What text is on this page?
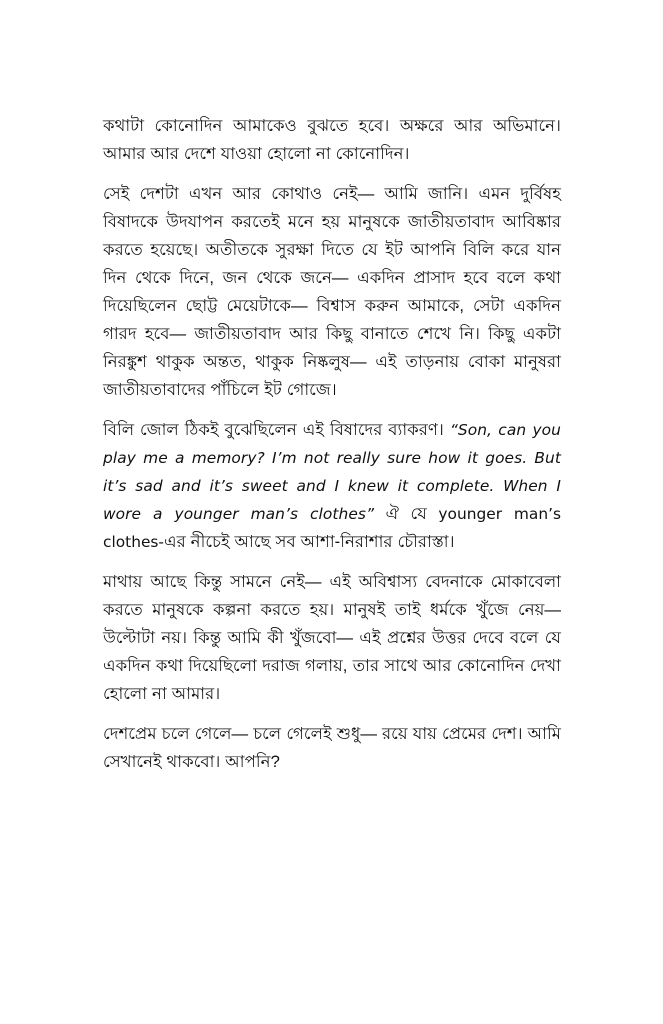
কথাটা কোনোদিন আমাকেও বুঝতে হবে। অক্ষরে আর অভিমানে। আমার আর দেশে যাওয়া হোলো না কোনোদিন।

সেই দেশটা এখন আর কোথাও নেই— আমি জানি। এমন দুর্বিষহ বিষাদকে উদযাপন করতেই মনে হয় মানুষকে জাতীয়তাবাদ আবিষ্কার করতে হয়েছে। অতীতকে সুরক্ষা দিতে যে ইট আপনি বিলি করে যান দিন থেকে দিনে, জন থেকে জনে— একদিন প্রাসাদ হবে বলে কথা দিয়েছিলেন ছোট্ট মেয়েটাকে— বিশ্বাস করুন আমাকে, সেটা একদিন গারদ হবে— জাতীয়তাবাদ আর কিছু বানাতে শেখে নি। কিছু একটা নিরঙ্কুশ থাকুক অন্তত, থাকুক নিষ্কলুষ— এই তাড়নায় বোকা মানুষরা জাতীয়তাবাদের পাঁচিলে ইট গোজে।

বিলি জোল ঠিকই বুঝেছিলেন এই বিষাদের ব্যাকরণ। “Son, can you play me a memory? I’m not really sure how it goes. But it’s sad and it’s sweet and I knew it complete. When I wore a younger man’s clothes” ঐ যে younger man’s clothes-এর নীচেই আছে সব আশা-নিরাশার চৌরাস্তা।

মাথায় আছে কিন্তু সামনে নেই— এই অবিশ্বাস্য বেদনাকে মোকাবেলা করতে মানুষকে কল্পনা করতে হয়। মানুষই তাই ধর্মকে খুঁজে নেয়— উল্টোটা নয়। কিন্তু আমি কী খুঁজবো— এই প্রশ্নের উত্তর দেবে বলে যে একদিন কথা দিয়েছিলো দরাজ গলায়, তার সাথে আর কোনোদিন দেখা হোলো না আমার।

দেশপ্রেম চলে গেলে— চলে গেলেই শুধু— রয়ে যায় প্রেমের দেশ। আমি সেখানেই থাকবো। আপনি?
